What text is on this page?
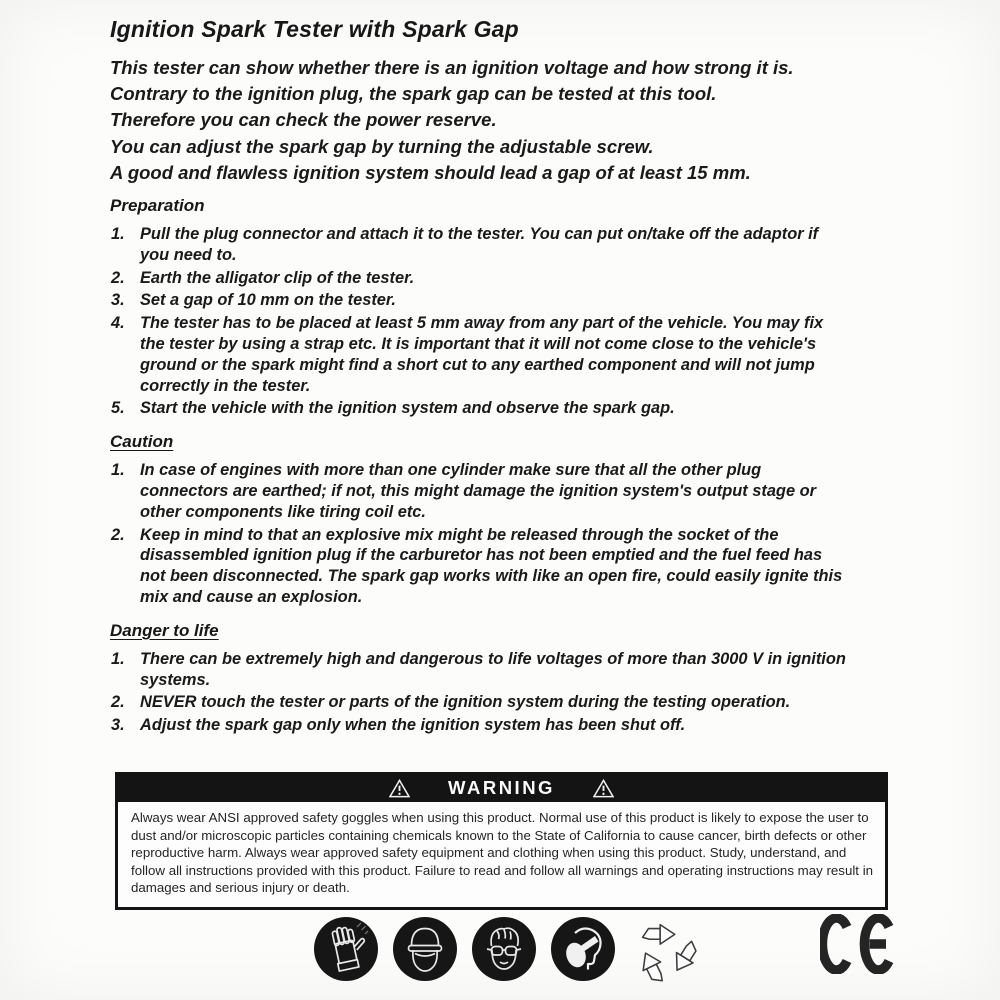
Ignition Spark Tester with Spark Gap
This tester can show whether there is an ignition voltage and how strong it is.
Contrary to the ignition plug, the spark gap can be tested at this tool.
Therefore you can check the power reserve.
You can adjust the spark gap by turning the adjustable screw.
A good and flawless ignition system should lead a gap of at least 15 mm.
Preparation
Pull the plug connector and attach it to the tester. You can put on/take off the adaptor if you need to.
Earth the alligator clip of the tester.
Set a gap of 10 mm on the tester.
The tester has to be placed at least 5 mm away from any part of the vehicle. You may fix the tester by using a strap etc. It is important that it will not come close to the vehicle's ground or the spark might find a short cut to any earthed component and will not jump correctly in the tester.
Start the vehicle with the ignition system and observe the spark gap.
Caution
In case of engines with more than one cylinder make sure that all the other plug connectors are earthed; if not, this might damage the ignition system's output stage or other components like tiring coil etc.
Keep in mind to that an explosive mix might be released through the socket of the disassembled ignition plug if the carburetor has not been emptied and the fuel feed has not been disconnected. The spark gap works with like an open fire, could easily ignite this mix and cause an explosion.
Danger to life
There can be extremely high and dangerous to life voltages of more than 3000 V in ignition systems.
NEVER touch the tester or parts of the ignition system during the testing operation.
Adjust the spark gap only when the ignition system has been shut off.
WARNING

Always wear ANSI approved safety goggles when using this product. Normal use of this product is likely to expose the user to dust and/or microscopic particles containing chemicals known to the State of California to cause cancer, birth defects or other reproductive harm. Always wear approved safety equipment and clothing when using this product. Study, understand, and follow all instructions provided with this product. Failure to read and follow all warnings and operating instructions may result in damages and serious injury or death.
